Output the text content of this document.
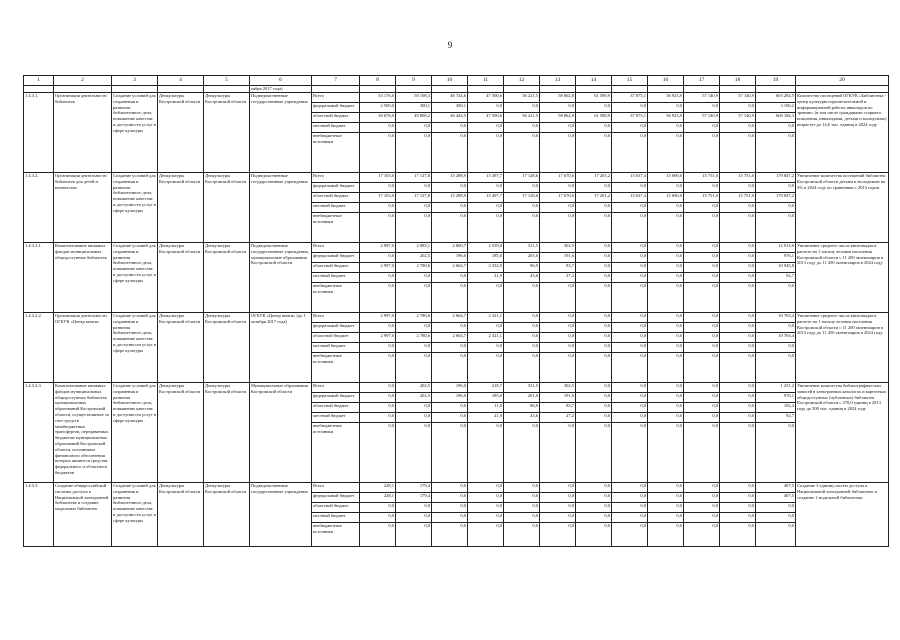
9
1	2	3	4	5	6	7	8	9	10	11	12	13	14	15	16	17	18	19	20
					тября 2017 года)														
1.4.3.1.	Организация деятельности библиотек	Создание условий для сохранения и развития библиотечного дела, повышение качества и доступности услуг в сфере культуры	Депкультуры Костромской области	Депкультуры Костромской области	Подведомственные государственные учреждения	Всего	53 176,0	50 108,3	46 744,6	47 500,6	56 221,5	58 862,8	61 589,9	37 875,1	56 923,9	57 140,9	57 140,9	603 284,5	Количество посещений ОГКУК «Библиотека - центр культурно-просветительной и информационной работы инвалидов по зрению» (в том числе гражданами старшего поколения, инвалидами, детьми и молодежью) возрастет до 14,6 тыс. единиц в 2024 году
						федеральный бюджет	2 500,0	300,1	300,1	0,0	0,0	0,0	0,0	0,0	0,0	0,0	0,0	3 100,2	
						областной бюджет	50 676,0	49 808,2	46 444,5	47 500,6	56 221,5	58 862,8	61 589,9	37 875,1	56 923,9	57 140,9	57 140,9	600 184,3	
						местный бюджет	0,0	0,0	0,0	0,0	0,0	0,0	0,0	0,0	0,0	0,0	0,0	0,0	
						внебюджетные источники	0,0	0,0	0,0	0,0	0,0	0,0	0,0	0,0	0,0	0,0	0,0	0,0	
1.4.3.2.	Организация деятельности библиотек для детей и юношества	Создание условий для сохранения и развития библиотечного дела, повышение качества и доступности услуг в сфере культуры	Депкультуры Костромской области	Депкультуры Костромской области	Подведомственные государственные учреждения	Всего	17 103,0	17 127,8	15 288,9	15 497,7	17 128,6	17 670,6	17 201,2	15 637,4	15 690,0	15 751,0	15 751,0	179 847,2	Увеличение количества посещений библиотек Костромской области детьми и молодежью на 5% в 2024 году по сравнению с 2013 годом
						федеральный бюджет	0,0	0,0	0,0	0,0	0,0	0,0	0,0	0,0	0,0	0,0	0,0	0,0	
						областной бюджет	17 103,0	17 127,8	15 288,9	15 497,7	17 128,6	17 670,6	17 201,2	15 637,4	15 690,0	15 751,0	15 751,0	179 847,2	
						местный бюджет	0,0	0,0	0,0	0,0	0,0	0,0	0,0	0,0	0,0	0,0	0,0	0,0	
						внебюджетные источники	0,0	0,0	0,0	0,0	0,0	0,0	0,0	0,0	0,0	0,0	0,0	0,0	
1.4.3.2.1.	Комплектование книжных фондов муниципальных общедоступных библиотек	Создание условий для сохранения и развития библиотечного дела, повышение качества и доступности услуг в сфере культуры	Депкультуры Костромской области	Депкультуры Костромской области	Подведомственные государственные учреждения, муниципальные образования Костромской области	Всего	2 997,0	2 983,1	2 860,7	2 539,8	331,5	302,5	0,0	0,0	0,0	0,0	0,0	12 014,6	Увеличение среднего числа книговыдач в расчете на 1 тысячу человек населения Костромской области с 11 200 экземпляров в 2013 году до 11 450 экземпляров в 2024 году
						федеральный бюджет	0,0	202,5	196,0	185,0	201,0	191,6	0,0	0,0	0,0	0,0	0,0	976,1	
						областной бюджет	2 997,0	2 780,6	2 664,7	2 332,9	86,9	83,7	0,0	0,0	0,0	0,0	0,0	10 945,8	
						местный бюджет	0,0	0,0	0,0	21,9	43,6	27,2	0,0	0,0	0,0	0,0	0,0	92,7	
						внебюджетные источники	0,0	0,0	0,0	0,0	0,0	0,0	0,0	0,0	0,0	0,0	0,0	0,0	
1.4.3.2.2.	Организация деятельности ОГБУК «Центр книги»	Создание условий для сохранения и развития библиотечного дела, повышение качества и доступности услуг в сфере культуры	Депкультуры Костромской области	Депкультуры Костромской области	ОГБУК «Центр книги» (до 1 октября 2017 года)	Всего	2 997,0	2 780,6	2 664,7	2 321,1	0,0	0,0	0,0	0,0	0,0	0,0	0,0	10 763,4	Увеличение среднего числа книговыдач в расчете на 1 тысячу человек населения Костромской области с 11 200 экземпляров в 2013 году до 11 450 экземпляров в 2024 году
						федеральный бюджет	0,0	0,0	0,0	0,0	0,0	0,0	0,0	0,0	0,0	0,0	0,0	0,0	
						областной бюджет	2 997,0	2 780,6	2 664,7	2 321,1	0,0	0,0	0,0	0,0	0,0	0,0	0,0	10 763,4	
						местный бюджет	0,0	0,0	0,0	0,0	0,0	0,0	0,0	0,0	0,0	0,0	0,0	0,0	
						внебюджетные источники	0,0	0,0	0,0	0,0	0,0	0,0	0,0	0,0	0,0	0,0	0,0	0,0	
1.4.3.2.3.	Комплектование книжных фондов муниципальных общедоступных библиотек муниципальных образований Костромской области, осуществляемое за счет средств межбюджетных трансфертов, передаваемых бюджетам муниципальных образований Костромской области, источником финансового обеспечения которых являются средства федерального и областного бюджетов	Создание условий для сохранения и развития библиотечного дела, повышение качества и доступности услуг в сфере культуры	Депкультуры Костромской области	Депкультуры Костромской области	Муниципальные образования Костромской области	Всего	0,0	202,5	196,0	218,7	331,5	302,5	0,0	0,0	0,0	0,0	0,0	1 251,2	Увеличение количества библиографических записей в электронных каталогах и картотеках общедоступных (публичных) библиотек Костромской области с 370,0 единиц в 2013 году до 500 тыс. единиц в 2024 году
						федеральный бюджет	0,0	202,5	196,0	185,0	201,0	191,6	0,0	0,0	0,0	0,0	0,0	976,1	
						областной бюджет	0,0	0,0	0,0	11,8	86,9	83,7	0,0	0,0	0,0	0,0	0,0	182,4	
						местный бюджет	0,0	0,0	0,0	21,9	43,6	27,2	0,0	0,0	0,0	0,0	0,0	92,7	
						внебюджетные источники	0,0	0,0	0,0	0,0	0,0	0,0	0,0	0,0	0,0	0,0	0,0	0,0	
1.4.3.3.	Создание общероссийской системы доступа к Национальной электронной библиотеке и создание модельных библиотек	Создание условий для сохранения и развития библиотечного дела, повышение качества и доступности услуг в сфере культуры	Депкультуры Костромской области	Депкультуры Костромской области	Подведомственные государственные учреждения	Всего	228,1	179,4	0,0	0,0	0,0	0,0	0,0	0,0	0,0	0,0	0,0	407,5	Создание 3 единиц систем доступа к Национальной электронной библиотеке и создание 1 модельной библиотеки
						федеральный бюджет	228,1	179,4	0,0	0,0	0,0	0,0	0,0	0,0	0,0	0,0	0,0	407,5	
						областной бюджет	0,0	0,0	0,0	0,0	0,0	0,0	0,0	0,0	0,0	0,0	0,0	0,0	
						местный бюджет	0,0	0,0	0,0	0,0	0,0	0,0	0,0	0,0	0,0	0,0	0,0	0,0	
						внебюджетные источники	0,0	0,0	0,0	0,0	0,0	0,0	0,0	0,0	0,0	0,0	0,0	0,0	
